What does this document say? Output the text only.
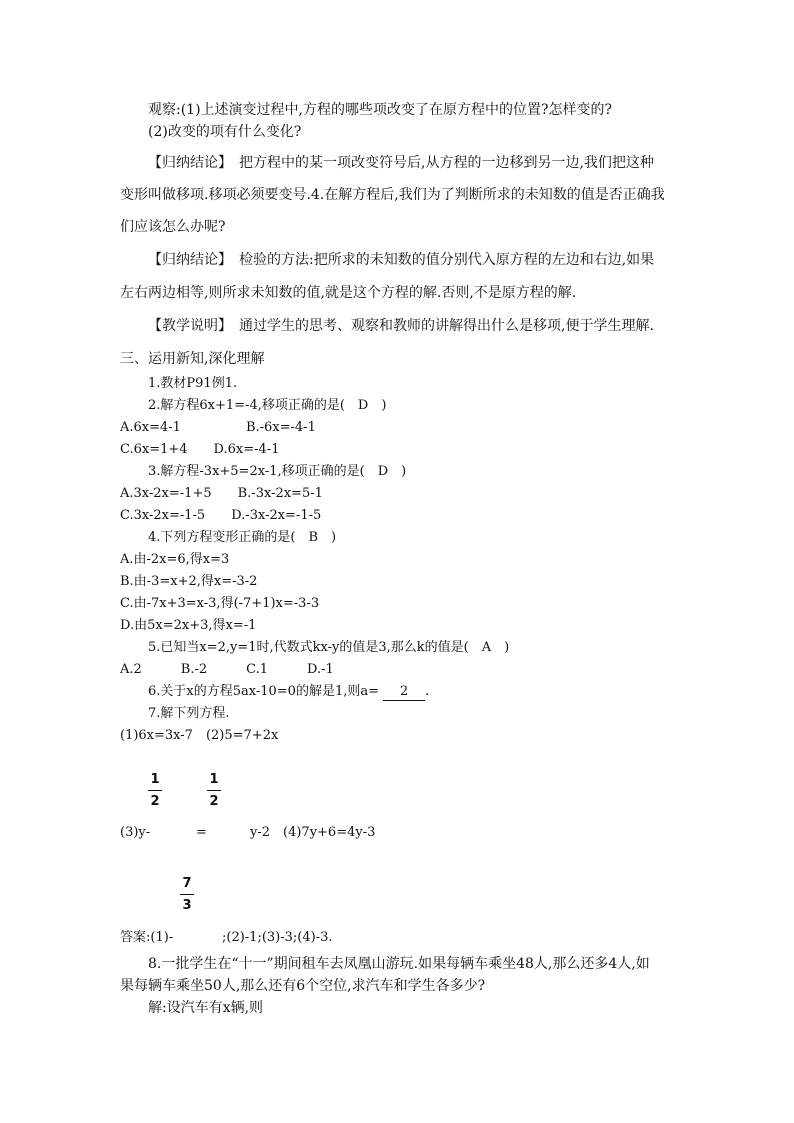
观察:(1)上述演变过程中,方程的哪些项改变了在原方程中的位置?怎样变的?
(2)改变的项有什么变化?
【归纳结论】　把方程中的某一项改变符号后,从方程的一边移到另一边,我们把这种
变形叫做移项.移项必须要变号.4.在解方程后,我们为了判断所求的未知数的值是否正确我
们应该怎么办呢?
【归纳结论】　检验的方法:把所求的未知数的值分别代入原方程的左边和右边,如果
左右两边相等,则所求未知数的值,就是这个方程的解.否则,不是原方程的解.
【教学说明】　通过学生的思考、观察和教师的讲解得出什么是移项,便于学生理解.
三、运用新知,深化理解
1.教材P91例1.
2.解方程6x+1=-4,移项正确的是(　D　)
A.6x=4-1　　　　　B.-6x=-4-1
C.6x=1+4　　D.6x=-4-1
3.解方程-3x+5=2x-1,移项正确的是(　D　)
A.3x-2x=-1+5　　B.-3x-2x=5-1
C.3x-2x=-1-5　　D.-3x-2x=-1-5
4.下列方程变形正确的是(　B　)
A.由-2x=6,得x=3
B.由-3=x+2,得x=-3-2
C.由-7x+3=x-3,得(-7+1)x=-3-3
D.由5x=2x+3,得x=-1
5.已知当x=2,y=1时,代数式kx-y的值是3,那么k的值是(　A　)
A.2　　　B.-2　　　C.1　　　D.-1
6.关于x的方程5ax-10=0的解是1,则a= 2 .
7.解下列方程.
(1)6x=3x-7　(2)5=7+2x
1
2
1
2
(3)y-	=	y-2　(4)7y+6=4y-3
7
3
答案:(1)-	;(2)-1;(3)-3;(4)-3.
8.一批学生在“十一”期间租车去凤凰山游玩.如果每辆车乘坐48人,那么还多4人,如
果每辆车乘坐50人,那么还有6个空位,求汽车和学生各多少?
解:设汽车有x辆,则
